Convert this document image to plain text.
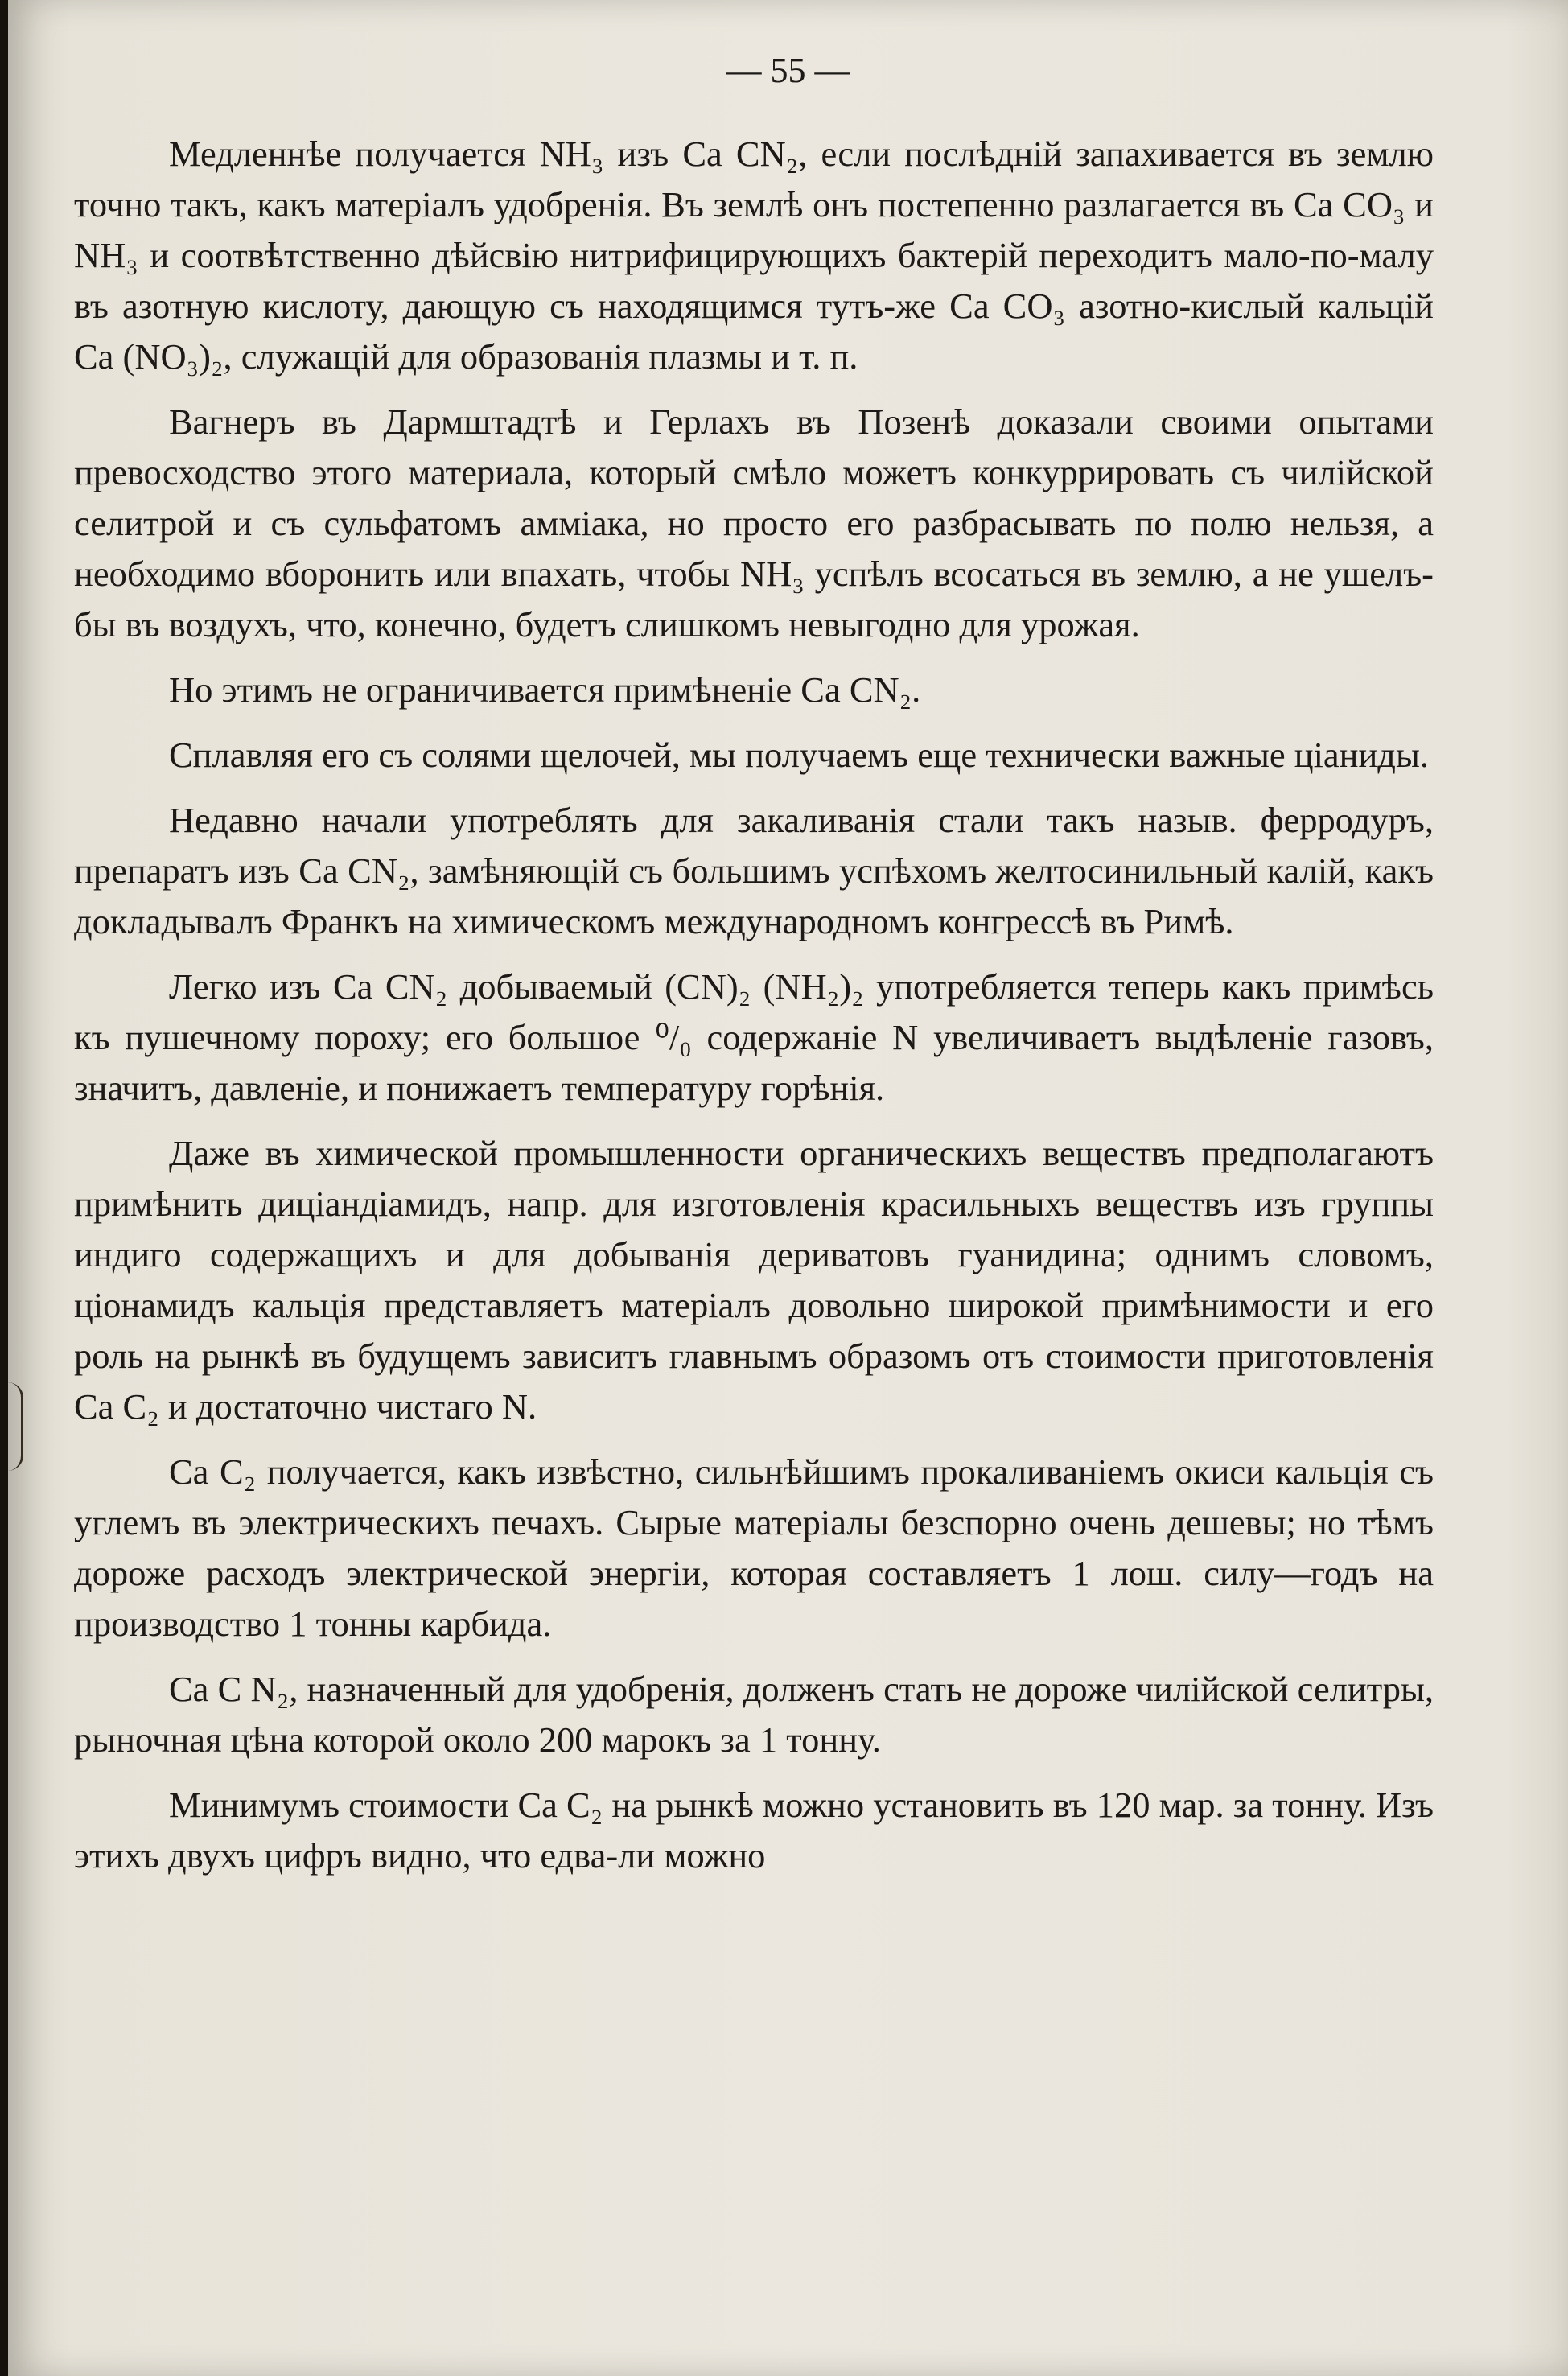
— 55 —

Медленнѣе получается NH₃ изъ Ca CN₂, если послѣдній запахивается въ землю точно такъ, какъ матеріалъ удобренія. Въ землѣ онъ постепенно разлагается въ Ca CO₃ и NH₃ и соотвѣтственно дѣйсвію нитрифицирующихъ бактерій переходитъ мало-по-малу въ азотную кислоту, дающую съ находящимся тутъ-же Ca CO₃ азотно-кислый кальцій Ca (NO₃)₂, служащій для образованія плазмы и т. п.

Вагнеръ въ Дармштадтѣ и Герлахъ въ Позенѣ доказали своими опытами превосходство этого материала, который смѣло можетъ конкуррировать съ чилійской селитрой и съ сульфатомъ амміака, но просто его разбрасывать по полю нельзя, а необходимо вборонить или впахать, чтобы NH₃ успѣлъ всосаться въ землю, а не ушелъ-бы въ воздухъ, что, конечно, будетъ слишкомъ невыгодно для урожая.

Но этимъ не ограничивается примѣненіе Ca CN₂.

Сплавляя его съ солями щелочей, мы получаемъ еще технически важные ціаниды.

Недавно начали употреблять для закаливанія стали такъ назыв. ферродуръ, препаратъ изъ Ca CN₂, замѣняющій съ большимъ успѣхомъ желтосинильный калій, какъ докладывалъ Франкъ на химическомъ международномъ конгрессѣ въ Римѣ.

Легко изъ Ca CN₂ добываемый (CN)₂ (NH₂)₂ употребляется теперь какъ примѣсь къ пушечному пороху; его большое ⁰/₀ содержаніе N увеличиваетъ выдѣленіе газовъ, значитъ, давленіе, и понижаетъ температуру горѣнія.

Даже въ химической промышленности органическихъ веществъ предполагаютъ примѣнить диціандіамидъ, напр. для изготовленія красильныхъ веществъ изъ группы индиго содержащихъ и для добыванія дериватовъ гуанидина; однимъ словомъ, ціонамидъ кальція представляетъ матеріалъ довольно широкой примѣнимости и его роль на рынкѣ въ будущемъ зависитъ главнымъ образомъ отъ стоимости приготовленія Ca C₂ и достаточно чистаго N.

Ca C₂ получается, какъ извѣстно, сильнѣйшимъ прокаливаніемъ окиси кальція съ углемъ въ электрическихъ печахъ. Сырые матеріалы безспорно очень дешевы; но тѣмъ дороже расходъ электрической энергіи, которая составляетъ 1 лош. силу—годъ на производство 1 тонны карбида.

Ca C N₂, назначенный для удобренія, долженъ стать не дороже чилійской селитры, рыночная цѣна которой около 200 марокъ за 1 тонну.

Минимумъ стоимости Ca C₂ на рынкѣ можно установить въ 120 мар. за тонну. Изъ этихъ двухъ цифръ видно, что едва-ли можно
